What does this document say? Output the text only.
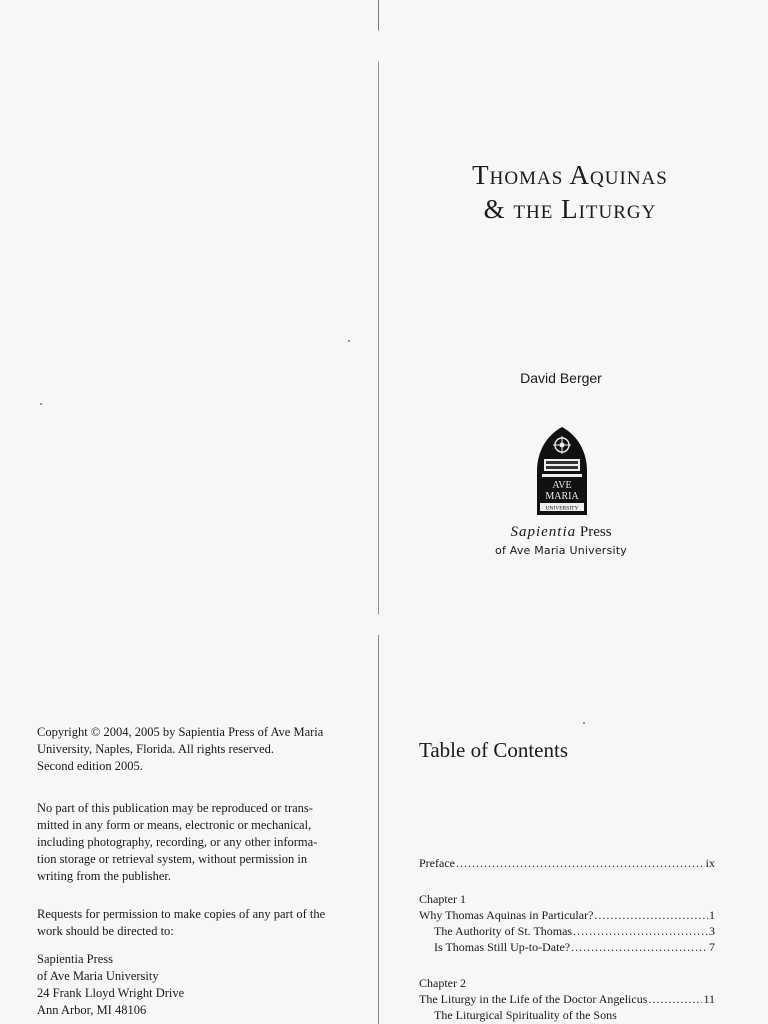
Thomas Aquinas
& the Liturgy
David Berger
AVE
MARIA
UNIVERSITY
Sapientia Press
of Ave Maria University

Copyright © 2004, 2005 by Sapientia Press of Ave Maria

University, Naples, Florida. All rights reserved.

Second edition 2005.

No part of this publication may be reproduced or trans-

mitted in any form or means, electronic or mechanical,

including photography, recording, or any other informa-

tion storage or retrieval system, without permission in

writing from the publisher.

Requests for permission to make copies of any part of the

work should be directed to:

Sapientia Press

of Ave Maria University

24 Frank Lloyd Wright Drive

Ann Arbor, MI 48106

Table of Contents
Preface .....	ix
Chapter 1
Why Thomas Aquinas in Particular? .....	1
The Authority of St. Thomas .....	3
Is Thomas Still Up-to-Date? .....	7
Chapter 2
The Liturgy in the Life of the Doctor Angelicus .....	11
The Liturgical Spirituality of the Sons
